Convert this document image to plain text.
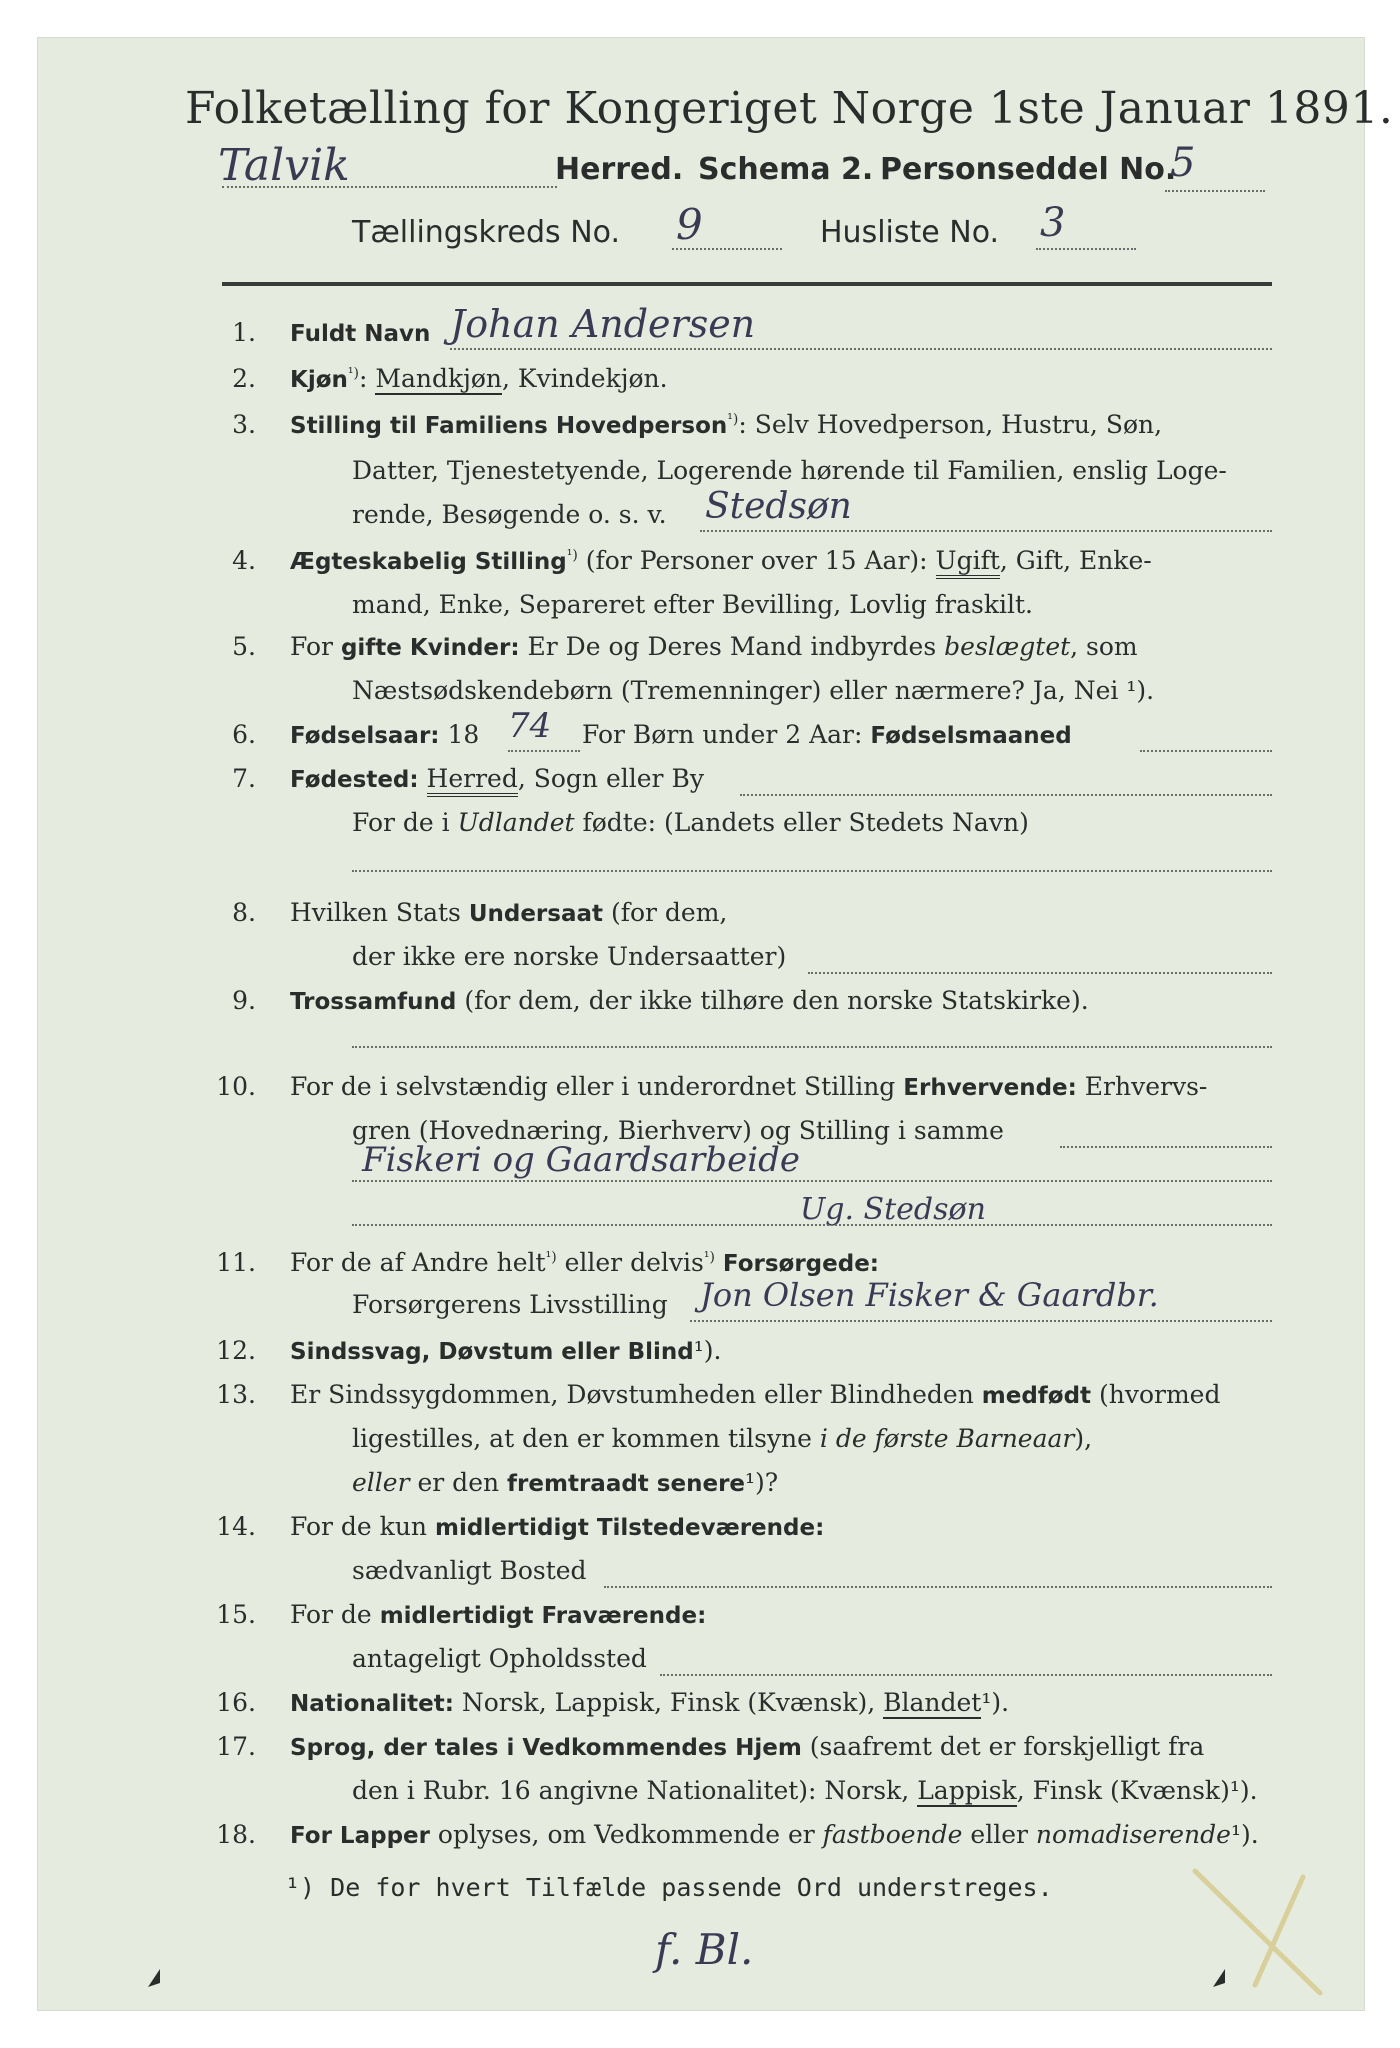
Folketælling for Kongeriget Norge 1ste Januar 1891.
Talvik	Herred. Schema 2. Personseddel No.
5
Tællingskreds No. 9	Husliste No. 3
1. Fuldt Navn Johan Andersen
2. Kjøn$^{^1)}$: Mandkjøn, Kvindekjøn.
3. Stilling til Familiens Hovedperson$^{^1)}$: Selv Hovedperson, Hustru, Søn,
Datter, Tjenestetyende, Logerende hørende til Familien, enslig Loge-
rende, Besøgende o. s. v. Stedsøn
4. Ægteskabelig Stilling$^{^1)}$ (for Personer over 15 Aar): Ugift, Gift, Enke-
mand, Enke, Separeret efter Bevilling, Lovlig fraskilt.
5. For gifte Kvinder: Er De og Deres Mand indbyrdes beslægtet, som
Næstsødskendebørn (Tremenninger) eller nærmere? Ja, Nei ¹).
6. Fødselsaar: 18 74 For Børn under 2 Aar: Fødselsmaaned
7. Fødested: Herred, Sogn eller By
For de i Udlandet fødte: (Landets eller Stedets Navn)
8. Hvilken Stats Undersaat (for dem,
der ikke ere norske Undersaatter)
9. Trossamfund (for dem, der ikke tilhøre den norske Statskirke).
10. For de i selvstændig eller i underordnet Stilling Erhvervende: Erhvervs-
gren (Hovednæring, Bierhverv) og Stilling i samme
Fiskeri og Gaardsarbeide
Ug. Stedsøn
11. For de af Andre helt$^{^1)}$ eller delvis$^{^1)}$ Forsørgede:
Forsørgerens Livsstilling Jon Olsen Fisker & Gaardbr.
12. Sindssvag, Døvstum eller Blind¹).
13. Er Sindssygdommen, Døvstumheden eller Blindheden medfødt (hvormed
ligestilles, at den er kommen tilsyne i de første Barneaar),
eller er den fremtraadt senere¹)?
14. For de kun midlertidigt Tilstedeværende:
sædvanligt Bosted
15. For de midlertidigt Fraværende:
antageligt Opholdssted
16. Nationalitet: Norsk, Lappisk, Finsk (Kvænsk), Blandet¹).
17. Sprog, der tales i Vedkommendes Hjem (saafremt det er forskjelligt fra
den i Rubr. 16 angivne Nationalitet): Norsk, Lappisk, Finsk (Kvænsk)¹).
18. For Lapper oplyses, om Vedkommende er fastboende eller nomadiserende¹).
¹) De for hvert Tilfælde passende Ord understreges.
f. Bl.
